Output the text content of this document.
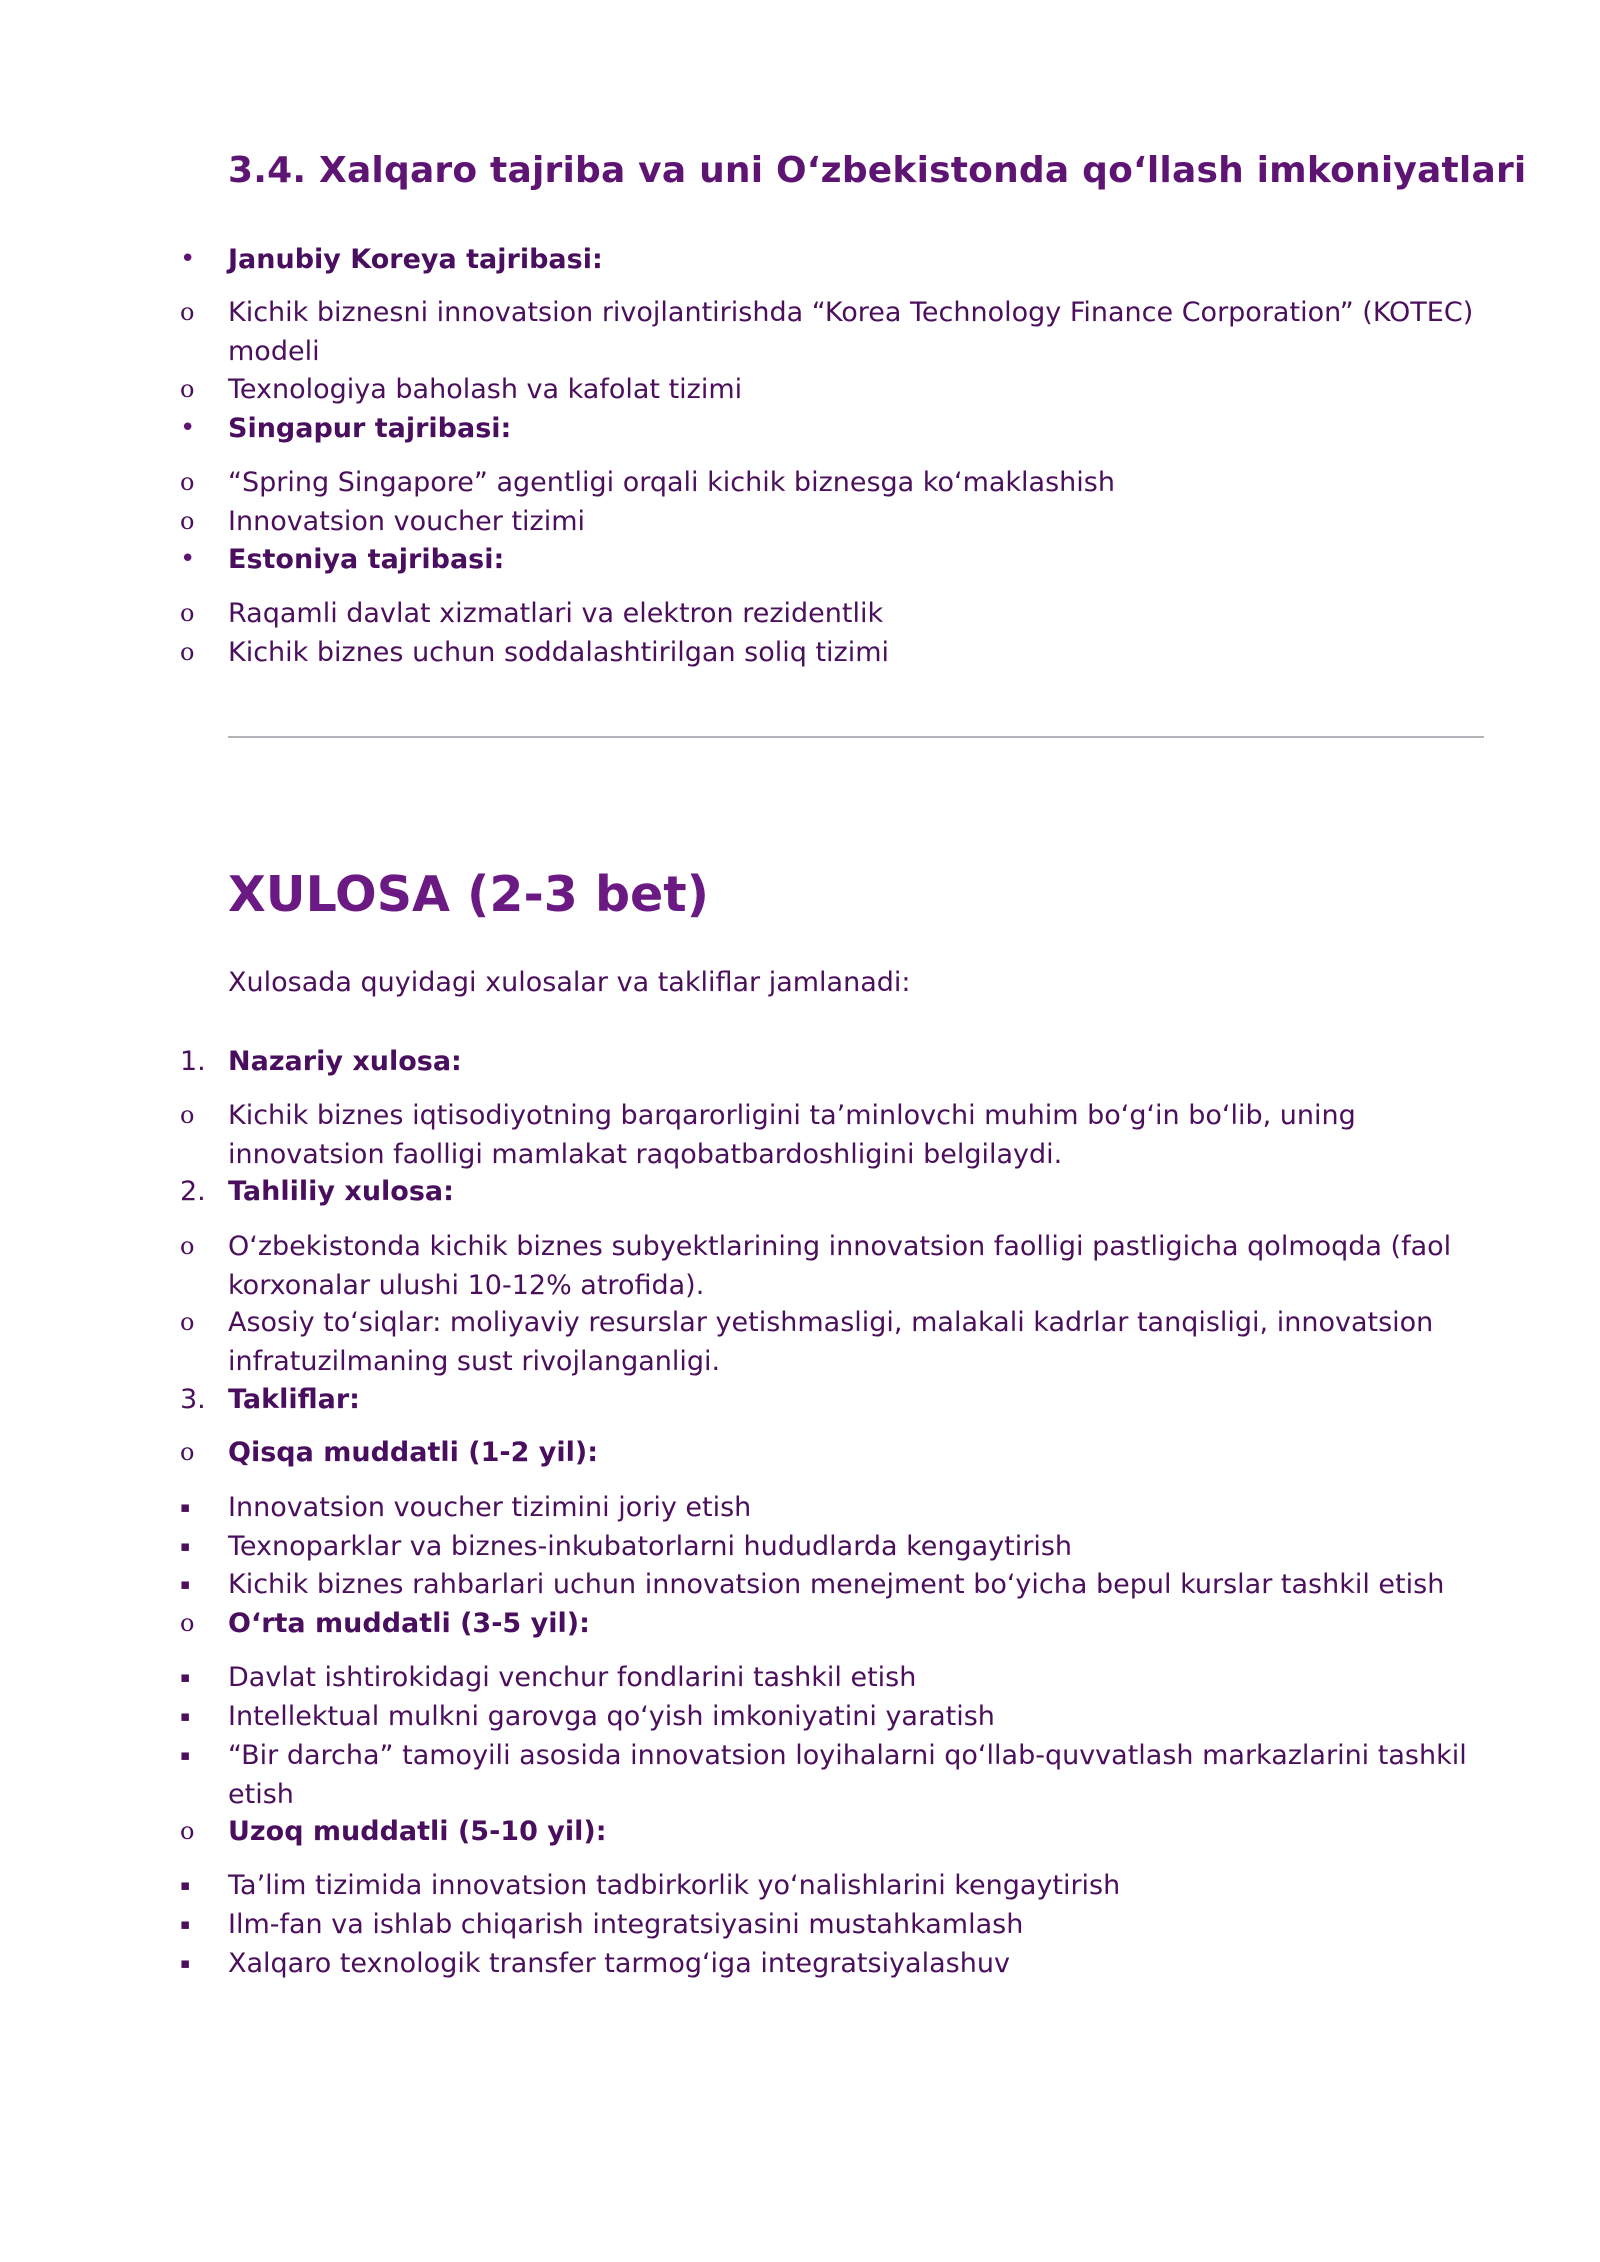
3.4. Xalqaro tajriba va uni O‘zbekistonda qo‘llash imkoniyatlari
•	Janubiy Koreya tajribasi:
o	Kichik biznesni innovatsion rivojlantirishda “Korea Technology Finance Corporation” (KOTEC) modeli
o	Texnologiya baholash va kafolat tizimi
•	Singapur tajribasi:
o	“Spring Singapore” agentligi orqali kichik biznesga ko‘maklashish
o	Innovatsion voucher tizimi
•	Estoniya tajribasi:
o	Raqamli davlat xizmatlari va elektron rezidentlik
o	Kichik biznes uchun soddalashtirilgan soliq tizimi
XULOSA (2-3 bet)

Xulosada quyidagi xulosalar va takliflar jamlanadi:

1. Nazariy xulosa:
o	Kichik biznes iqtisodiyotning barqarorligini ta’minlovchi muhim bo‘g‘in bo‘lib, uning innovatsion faolligi mamlakat raqobatbardoshligini belgilaydi.
2. Tahliliy xulosa:
o	O‘zbekistonda kichik biznes subyektlarining innovatsion faolligi pastligicha qolmoqda (faol korxonalar ulushi 10-12% atrofida).
o	Asosiy to‘siqlar: moliyaviy resurslar yetishmasligi, malakali kadrlar tanqisligi, innovatsion infratuzilmaning sust rivojlanganligi.
3. Takliflar:
o	Qisqa muddatli (1-2 yil):
▪	Innovatsion voucher tizimini joriy etish
▪	Texnoparklar va biznes-inkubatorlarni hududlarda kengaytirish
▪	Kichik biznes rahbarlari uchun innovatsion menejment bo‘yicha bepul kurslar tashkil etish
o	O‘rta muddatli (3-5 yil):
▪	Davlat ishtirokidagi venchur fondlarini tashkil etish
▪	Intellektual mulkni garovga qo‘yish imkoniyatini yaratish
▪	“Bir darcha” tamoyili asosida innovatsion loyihalarni qo‘llab-quvvatlash markazlarini tashkil etish
o	Uzoq muddatli (5-10 yil):
▪	Ta’lim tizimida innovatsion tadbirkorlik yo‘nalishlarini kengaytirish
▪	Ilm-fan va ishlab chiqarish integratsiyasini mustahkamlash
▪	Xalqaro texnologik transfer tarmog‘iga integratsiyalashuv
